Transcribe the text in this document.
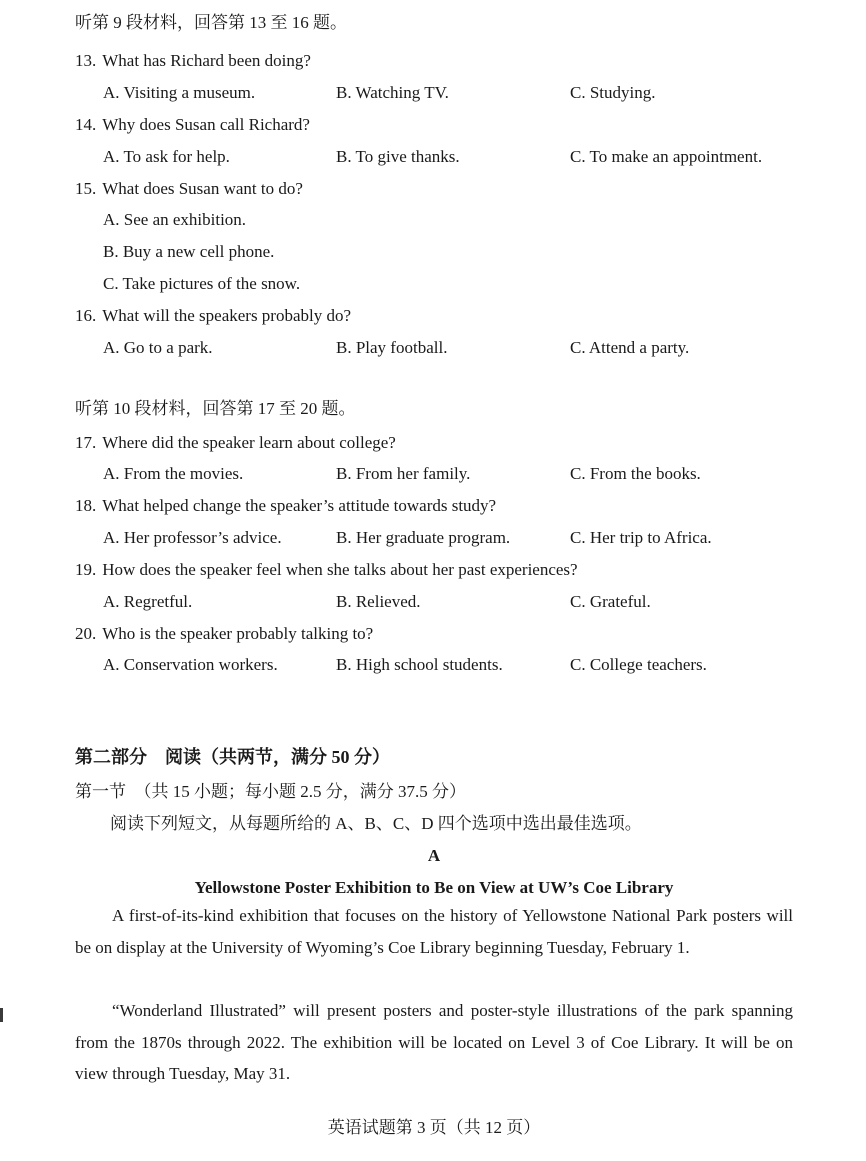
听第 9 段材料，回答第 13 至 16 题。
13. What has Richard been doing?
A. Visiting a museum.	B. Watching TV.	C. Studying.
14. Why does Susan call Richard?
A. To ask for help.	B. To give thanks.	C. To make an appointment.
15. What does Susan want to do?
A. See an exhibition.
B. Buy a new cell phone.
C. Take pictures of the snow.
16. What will the speakers probably do?
A. Go to a park.	B. Play football.	C. Attend a party.
听第 10 段材料，回答第 17 至 20 题。
17. Where did the speaker learn about college?
A. From the movies.	B. From her family.	C. From the books.
18. What helped change the speaker’s attitude towards study?
A. Her professor’s advice.	B. Her graduate program.	C. Her trip to Africa.
19. How does the speaker feel when she talks about her past experiences?
A. Regretful.	B. Relieved.	C. Grateful.
20. Who is the speaker probably talking to?
A. Conservation workers.	B. High school students.	C. College teachers.
第二部分　阅读（共两节，满分 50 分）
第一节　（共 15 小题；每小题 2.5 分，满分 37.5 分）
阅读下列短文，从每题所给的 A、B、C、D 四个选项中选出最佳选项。
A
Yellowstone Poster Exhibition to Be on View at UW’s Coe Library
A first-of-its-kind exhibition that focuses on the history of Yellowstone National Park posters will be on display at the University of Wyoming’s Coe Library beginning Tuesday, February 1.
“Wonderland Illustrated” will present posters and poster-style illustrations of the park spanning from the 1870s through 2022. The exhibition will be located on Level 3 of Coe Library. It will be on view through Tuesday, May 31.
英语试题第 3 页（共 12 页）
